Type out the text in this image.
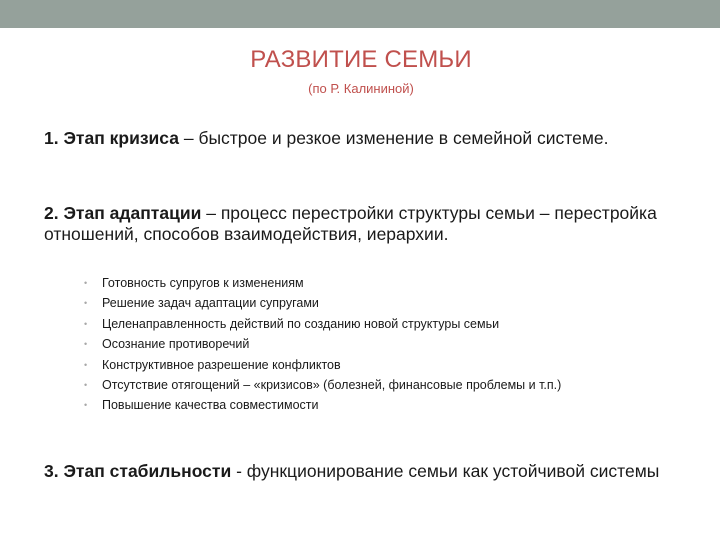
РАЗВИТИЕ СЕМЬИ
(по Р. Калининой)
1. Этап кризиса – быстрое и резкое изменение в семейной системе.
2. Этап адаптации – процесс перестройки структуры семьи – перестройка отношений, способов взаимодействия, иерархии.
• Готовность супругов к изменениям
• Решение задач адаптации супругами
• Целенаправленность действий по созданию новой структуры семьи
• Осознание противоречий
• Конструктивное разрешение конфликтов
• Отсутствие отягощений – «кризисов» (болезней, финансовые проблемы и т.п.)
• Повышение качества совместимости
3. Этап стабильности - функционирование семьи как устойчивой системы
